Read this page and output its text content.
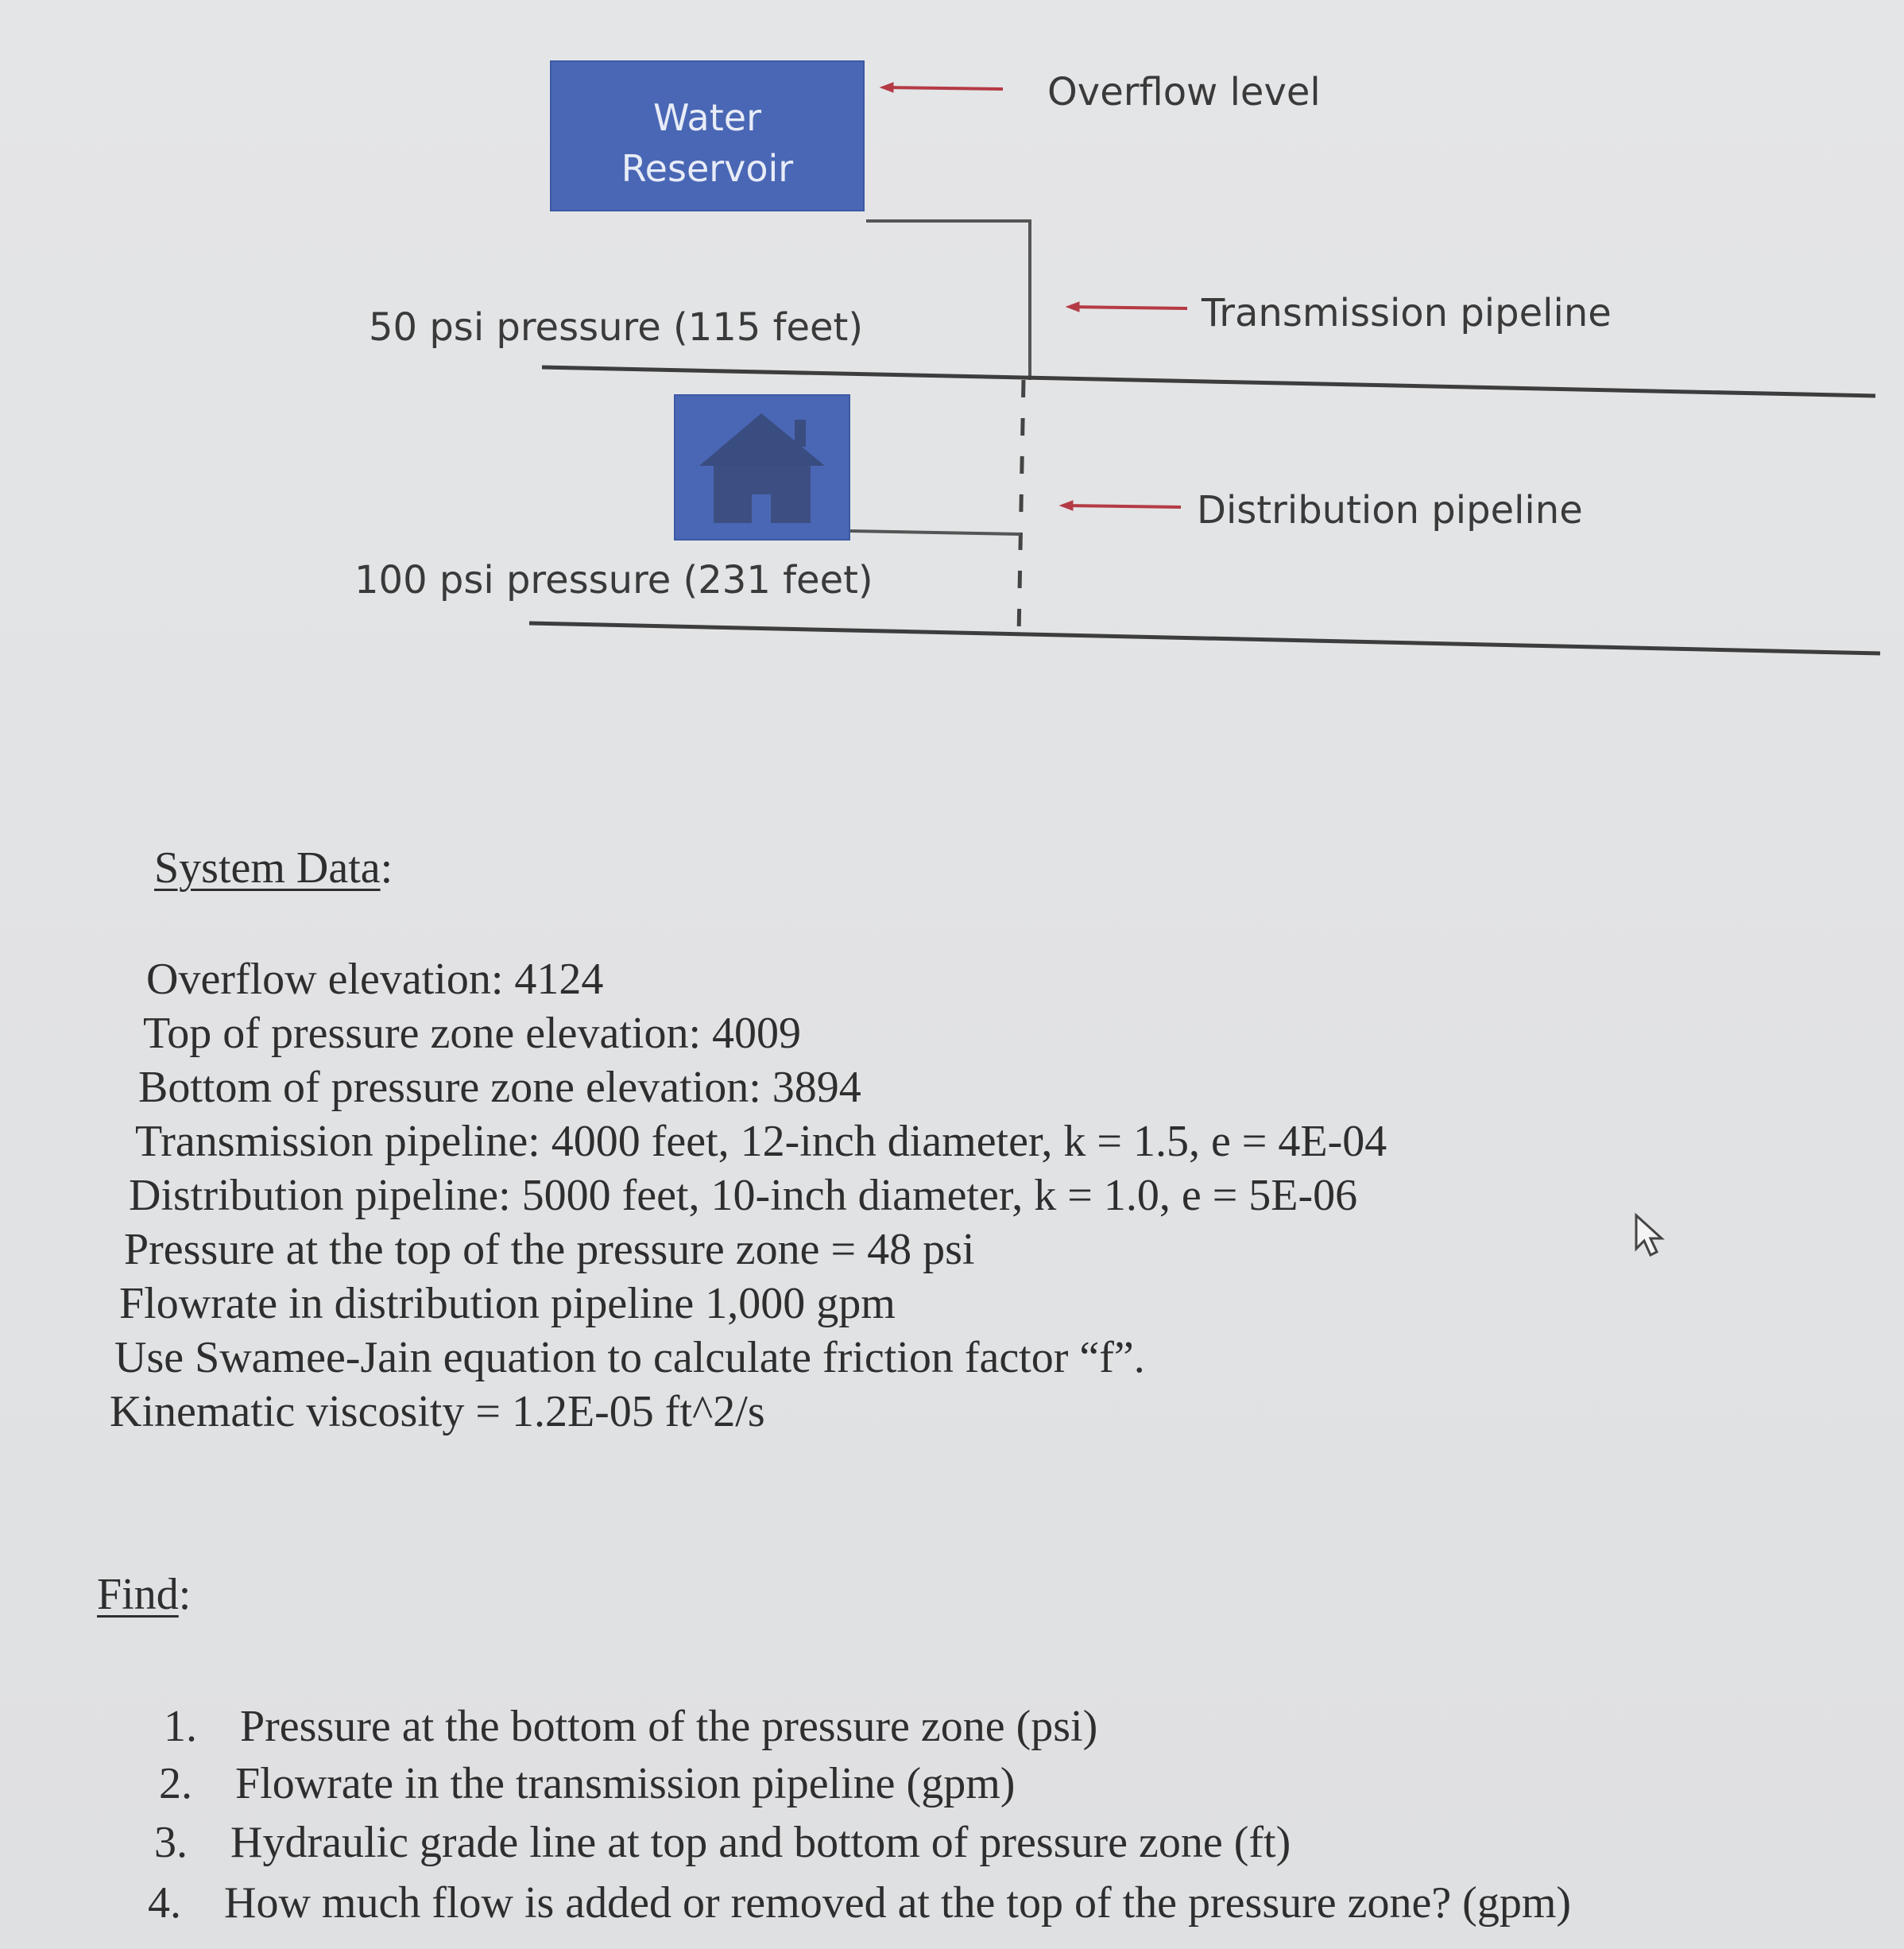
Water
Reservoir
Overflow level
Transmission pipeline
Distribution pipeline
50 psi pressure (115 feet)
100 psi pressure (231 feet)
System Data:
Overflow elevation: 4124
Top of pressure zone elevation: 4009
Bottom of pressure zone elevation: 3894
Transmission pipeline: 4000 feet, 12-inch diameter, k = 1.5, e = 4E-04
Distribution pipeline: 5000 feet, 10-inch diameter, k = 1.0, e = 5E-06
Pressure at the top of the pressure zone = 48 psi
Flowrate in distribution pipeline 1,000 gpm
Use Swamee-Jain equation to calculate friction factor “f”.
Kinematic viscosity = 1.2E-05 ft^2/s
Find:
1. Pressure at the bottom of the pressure zone (psi)
2. Flowrate in the transmission pipeline (gpm)
3. Hydraulic grade line at top and bottom of pressure zone (ft)
4. How much flow is added or removed at the top of the pressure zone? (gpm)
